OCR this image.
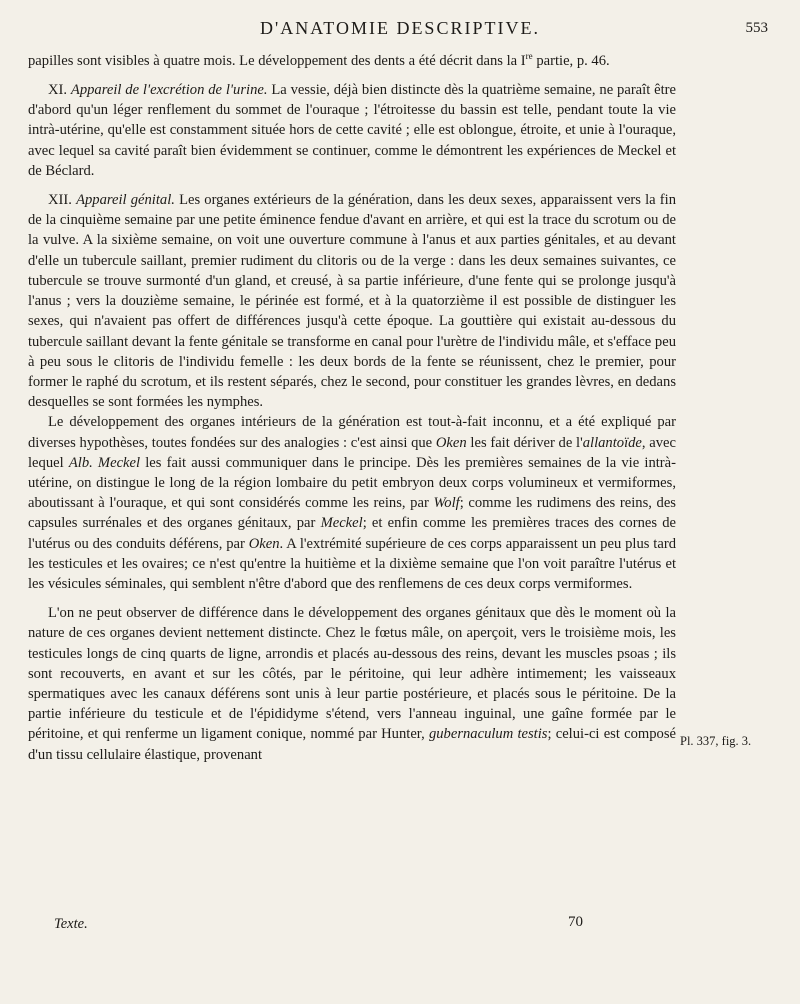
D'ANATOMIE DESCRIPTIVE.	553

papilles sont visibles à quatre mois. Le développement des dents a été décrit dans la Ire partie, p. 46.

XI. Appareil de l'excrétion de l'urine. La vessie, déjà bien distincte dès la quatrième semaine, ne paraît être d'abord qu'un léger renflement du sommet de l'ouraque ; l'étroitesse du bassin est telle, pendant toute la vie intrà-utérine, qu'elle est constamment située hors de cette cavité ; elle est oblongue, étroite, et unie à l'ouraque, avec lequel sa cavité paraît bien évidemment se continuer, comme le démontrent les expériences de Meckel et de Béclard.

XII. Appareil génital. Les organes extérieurs de la génération, dans les deux sexes, apparaissent vers la fin de la cinquième semaine par une petite éminence fendue d'avant en arrière, et qui est la trace du scrotum ou de la vulve. A la sixième semaine, on voit une ouverture commune à l'anus et aux parties génitales, et au devant d'elle un tubercule saillant, premier rudiment du clitoris ou de la verge : dans les deux semaines suivantes, ce tubercule se trouve surmonté d'un gland, et creusé, à sa partie inférieure, d'une fente qui se prolonge jusqu'à l'anus ; vers la douzième semaine, le périnée est formé, et à la quatorzième il est possible de distinguer les sexes, qui n'avaient pas offert de différences jusqu'à cette époque. La gouttière qui existait au-dessous du tubercule saillant devant la fente génitale se transforme en canal pour l'urètre de l'individu mâle, et s'efface peu à peu sous le clitoris de l'individu femelle : les deux bords de la fente se réunissent, chez le premier, pour former le raphé du scrotum, et ils restent séparés, chez le second, pour constituer les grandes lèvres, en dedans desquelles se sont formées les nymphes.

Le développement des organes intérieurs de la génération est tout-à-fait inconnu, et a été expliqué par diverses hypothèses, toutes fondées sur des analogies : c'est ainsi que Oken les fait dériver de l'allantoïde, avec lequel Alb. Meckel les fait aussi communiquer dans le principe. Dès les premières semaines de la vie intrà-utérine, on distingue le long de la région lombaire du petit embryon deux corps volumineux et vermiformes, aboutissant à l'ouraque, et qui sont considérés comme les reins, par Wolf; comme les rudimens des reins, des capsules surrénales et des organes génitaux, par Meckel; et enfin comme les premières traces des cornes de l'utérus ou des conduits déférens, par Oken. A l'extrémité supérieure de ces corps apparaissent un peu plus tard les testicules et les ovaires; ce n'est qu'entre la huitième et la dixième semaine que l'on voit paraître l'utérus et les vésicules séminales, qui semblent n'être d'abord que des renflemens de ces deux corps vermiformes.

L'on ne peut observer de différence dans le développement des organes génitaux que dès le moment où la nature de ces organes devient nettement distincte. Chez le fœtus mâle, on aperçoit, vers le troisième mois, les testicules longs de cinq quarts de ligne, arrondis et placés au-dessous des reins, devant les muscles psoas ; ils sont recouverts, en avant et sur les côtés, par le péritoine, qui leur adhère intimement; les vaisseaux spermatiques avec les canaux déférens sont unis à leur partie postérieure, et placés sous le péritoine. De la partie inférieure du testicule et de l'épididyme s'étend, vers l'anneau inguinal, une gaîne formée par le péritoine, et qui renferme un ligament conique, nommé par Hunter, gubernaculum testis; celui-ci est composé d'un tissu cellulaire élastique, provenant

Pl. 337, fig. 3.
Texte.	70
